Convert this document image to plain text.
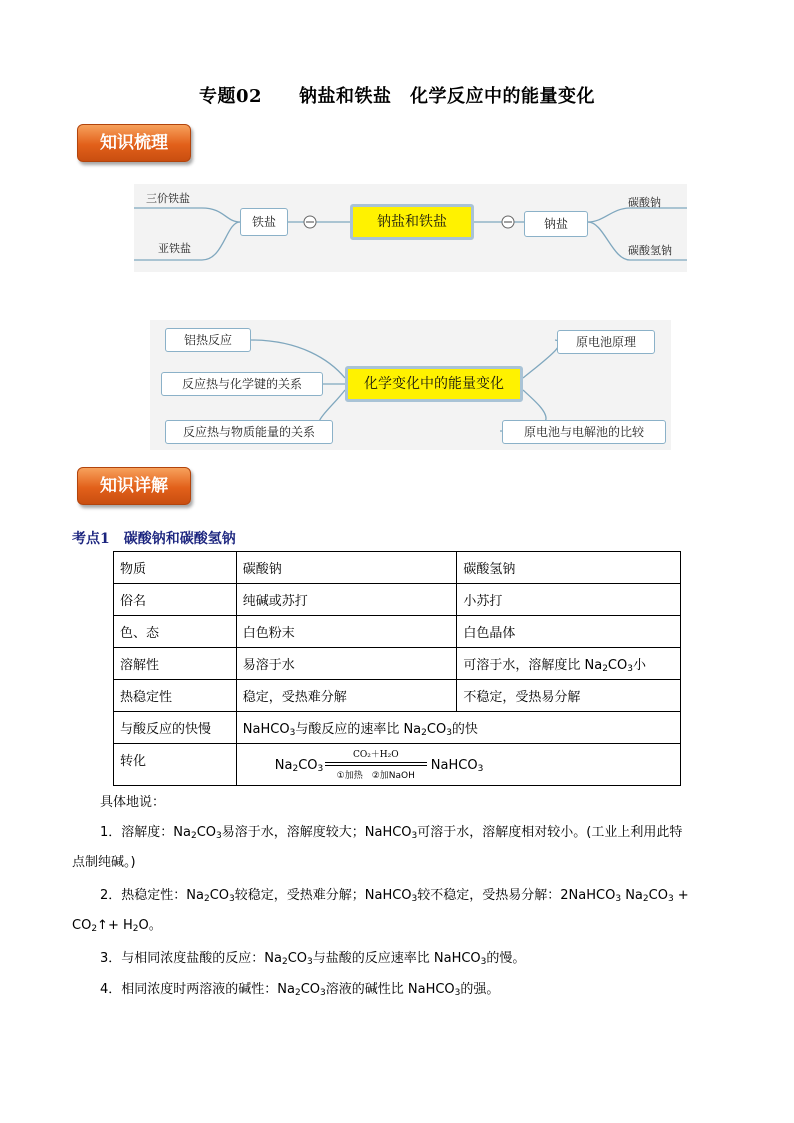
专题02　　钠盐和铁盐　化学反应中的能量变化
知识梳理
三价铁盐
亚铁盐
铁盐	钠盐和铁盐	钠盐
碳酸钠
碳酸氢钠
铝热反应
反应热与化学键的关系
反应热与物质能量的关系
化学变化中的能量变化
原电池原理
原电池与电解池的比较
知识详解
考点1　碳酸钠和碳酸氢钠
物质	碳酸钠	碳酸氢钠
俗名	纯碱或苏打	小苏打
色、态	白色粉末	白色晶体
溶解性	易溶于水	可溶于水，溶解度比 $Na_2CO_3$小
热稳定性	稳定，受热难分解	不稳定，受热易分解
与酸反应的快慢	NaHCO$_3$与酸反应的速率比 $Na_2CO_3$的快	
转化	$Na_2CO_3$
CO₂＋H₂O
①加热　②加NaOH
NaHCO$_3$
具体地说：
1．溶解度：$Na_2CO_3$易溶于水，溶解度较大；NaHCO$_3$可溶于水，溶解度相对较小。(工业上利用此特
点制纯碱。)
2．热稳定性：$Na_2CO_3$较稳定，受热难分解；NaHCO$_3$较不稳定，受热易分解：2NaHCO$_3$ $Na_2CO_3$ +
$CO_2↑+ H_2O$。
3．与相同浓度盐酸的反应：$Na_2CO_3$与盐酸的反应速率比 NaHCO$_3$的慢。
4．相同浓度时两溶液的碱性：$Na_2CO_3$溶液的碱性比 NaHCO$_3$的强。
